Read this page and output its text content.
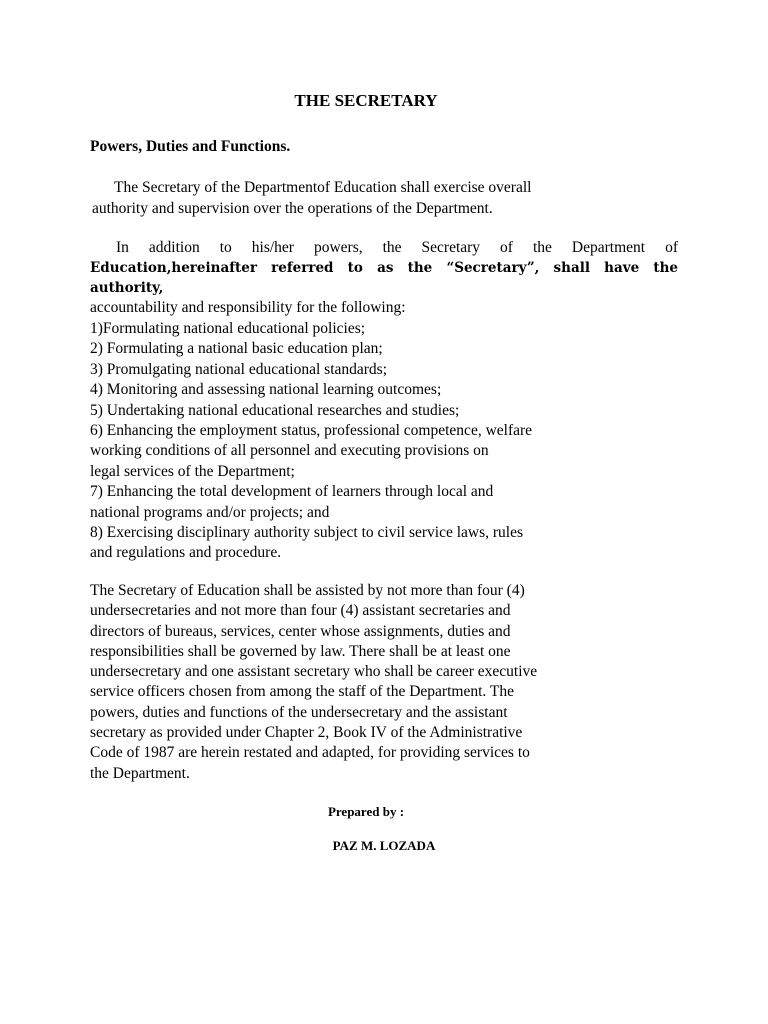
THE SECRETARY
Powers, Duties and Functions.
The Secretary of the Departmentof Education shall exercise overall
authority and supervision over the operations of the Department.
In addition to his/her powers, the Secretary of the Department of
Education,hereinafter referred to as the “Secretary”, shall have the authority,
accountability and responsibility for the following:
1)Formulating national educational policies;
2) Formulating a national basic education plan;
3) Promulgating national educational standards;
4) Monitoring and assessing national learning outcomes;
5) Undertaking national educational researches and studies;
6) Enhancing the employment status, professional competence, welfare
working conditions of all personnel and executing provisions on
legal services of the Department;
7) Enhancing the total development of learners through local and
national programs and/or projects; and
8) Exercising disciplinary authority subject to civil service laws, rules
and regulations and procedure.
The Secretary of Education shall be assisted by not more than four (4)
undersecretaries and not more than four (4) assistant secretaries and
directors of bureaus, services, center whose assignments, duties and
responsibilities shall be governed by law. There shall be at least one
undersecretary and one assistant secretary who shall be career executive
service officers chosen from among the staff of the Department. The
powers, duties and functions of the undersecretary and the assistant
secretary as provided under Chapter 2, Book IV of the Administrative
Code of 1987 are herein restated and adapted, for providing services to
the Department.
Prepared by :
PAZ M. LOZADA
